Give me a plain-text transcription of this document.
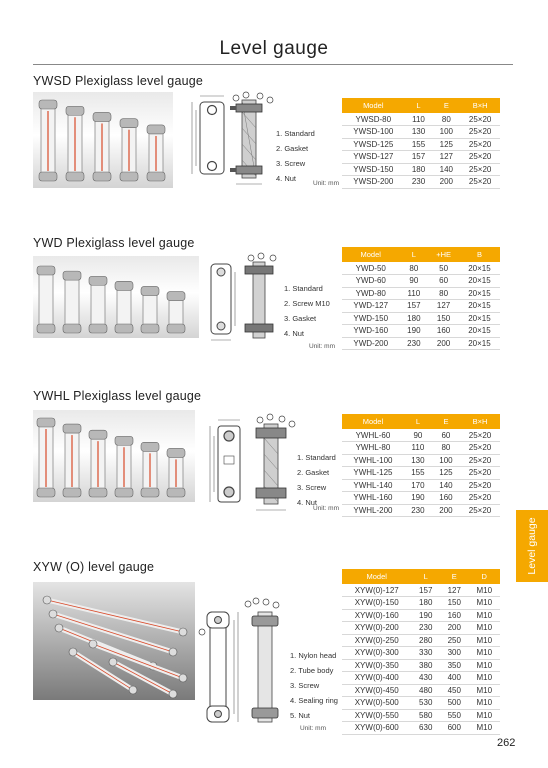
Level gauge
YWSD Plexiglass level gauge
1. Standard
2. Gasket
3. Screw
4. Nut
Unit: mm
Model	L	E	B×H
YWSD-80	110	80	25×20
YWSD-100	130	100	25×20
YWSD-125	155	125	25×20
YWSD-127	157	127	25×20
YWSD-150	180	140	25×20
YWSD-200	230	200	25×20
YWD Plexiglass level gauge
1. Standard
2. Screw M10
3. Gasket
4. Nut
Unit: mm
Model	L	+HE	B
YWD-50	80	50	20×15
YWD-60	90	60	20×15
YWD-80	110	80	20×15
YWD-127	157	127	20×15
YWD-150	180	150	20×15
YWD-160	190	160	20×15
YWD-200	230	200	20×15
YWHL Plexiglass level gauge
1. Standard
2. Gasket
3. Screw
4. Nut
Unit: mm
Model	L	E	B×H
YWHL-60	90	60	25×20
YWHL-80	110	80	25×20
YWHL-100	130	100	25×20
YWHL-125	155	125	25×20
YWHL-140	170	140	25×20
YWHL-160	190	160	25×20
YWHL-200	230	200	25×20
Level gauge
XYW (O) level gauge
1. Nylon head
2. Tube body
3. Screw
4. Sealing ring
5. Nut
Unit: mm
Model	L	E	D
XYW(0)-127	157	127	M10
XYW(0)-150	180	150	M10
XYW(0)-160	190	160	M10
XYW(0)-200	230	200	M10
XYW(0)-250	280	250	M10
XYW(0)-300	330	300	M10
XYW(0)-350	380	350	M10
XYW(0)-400	430	400	M10
XYW(0)-450	480	450	M10
XYW(0)-500	530	500	M10
XYW(0)-550	580	550	M10
XYW(0)-600	630	600	M10
262
